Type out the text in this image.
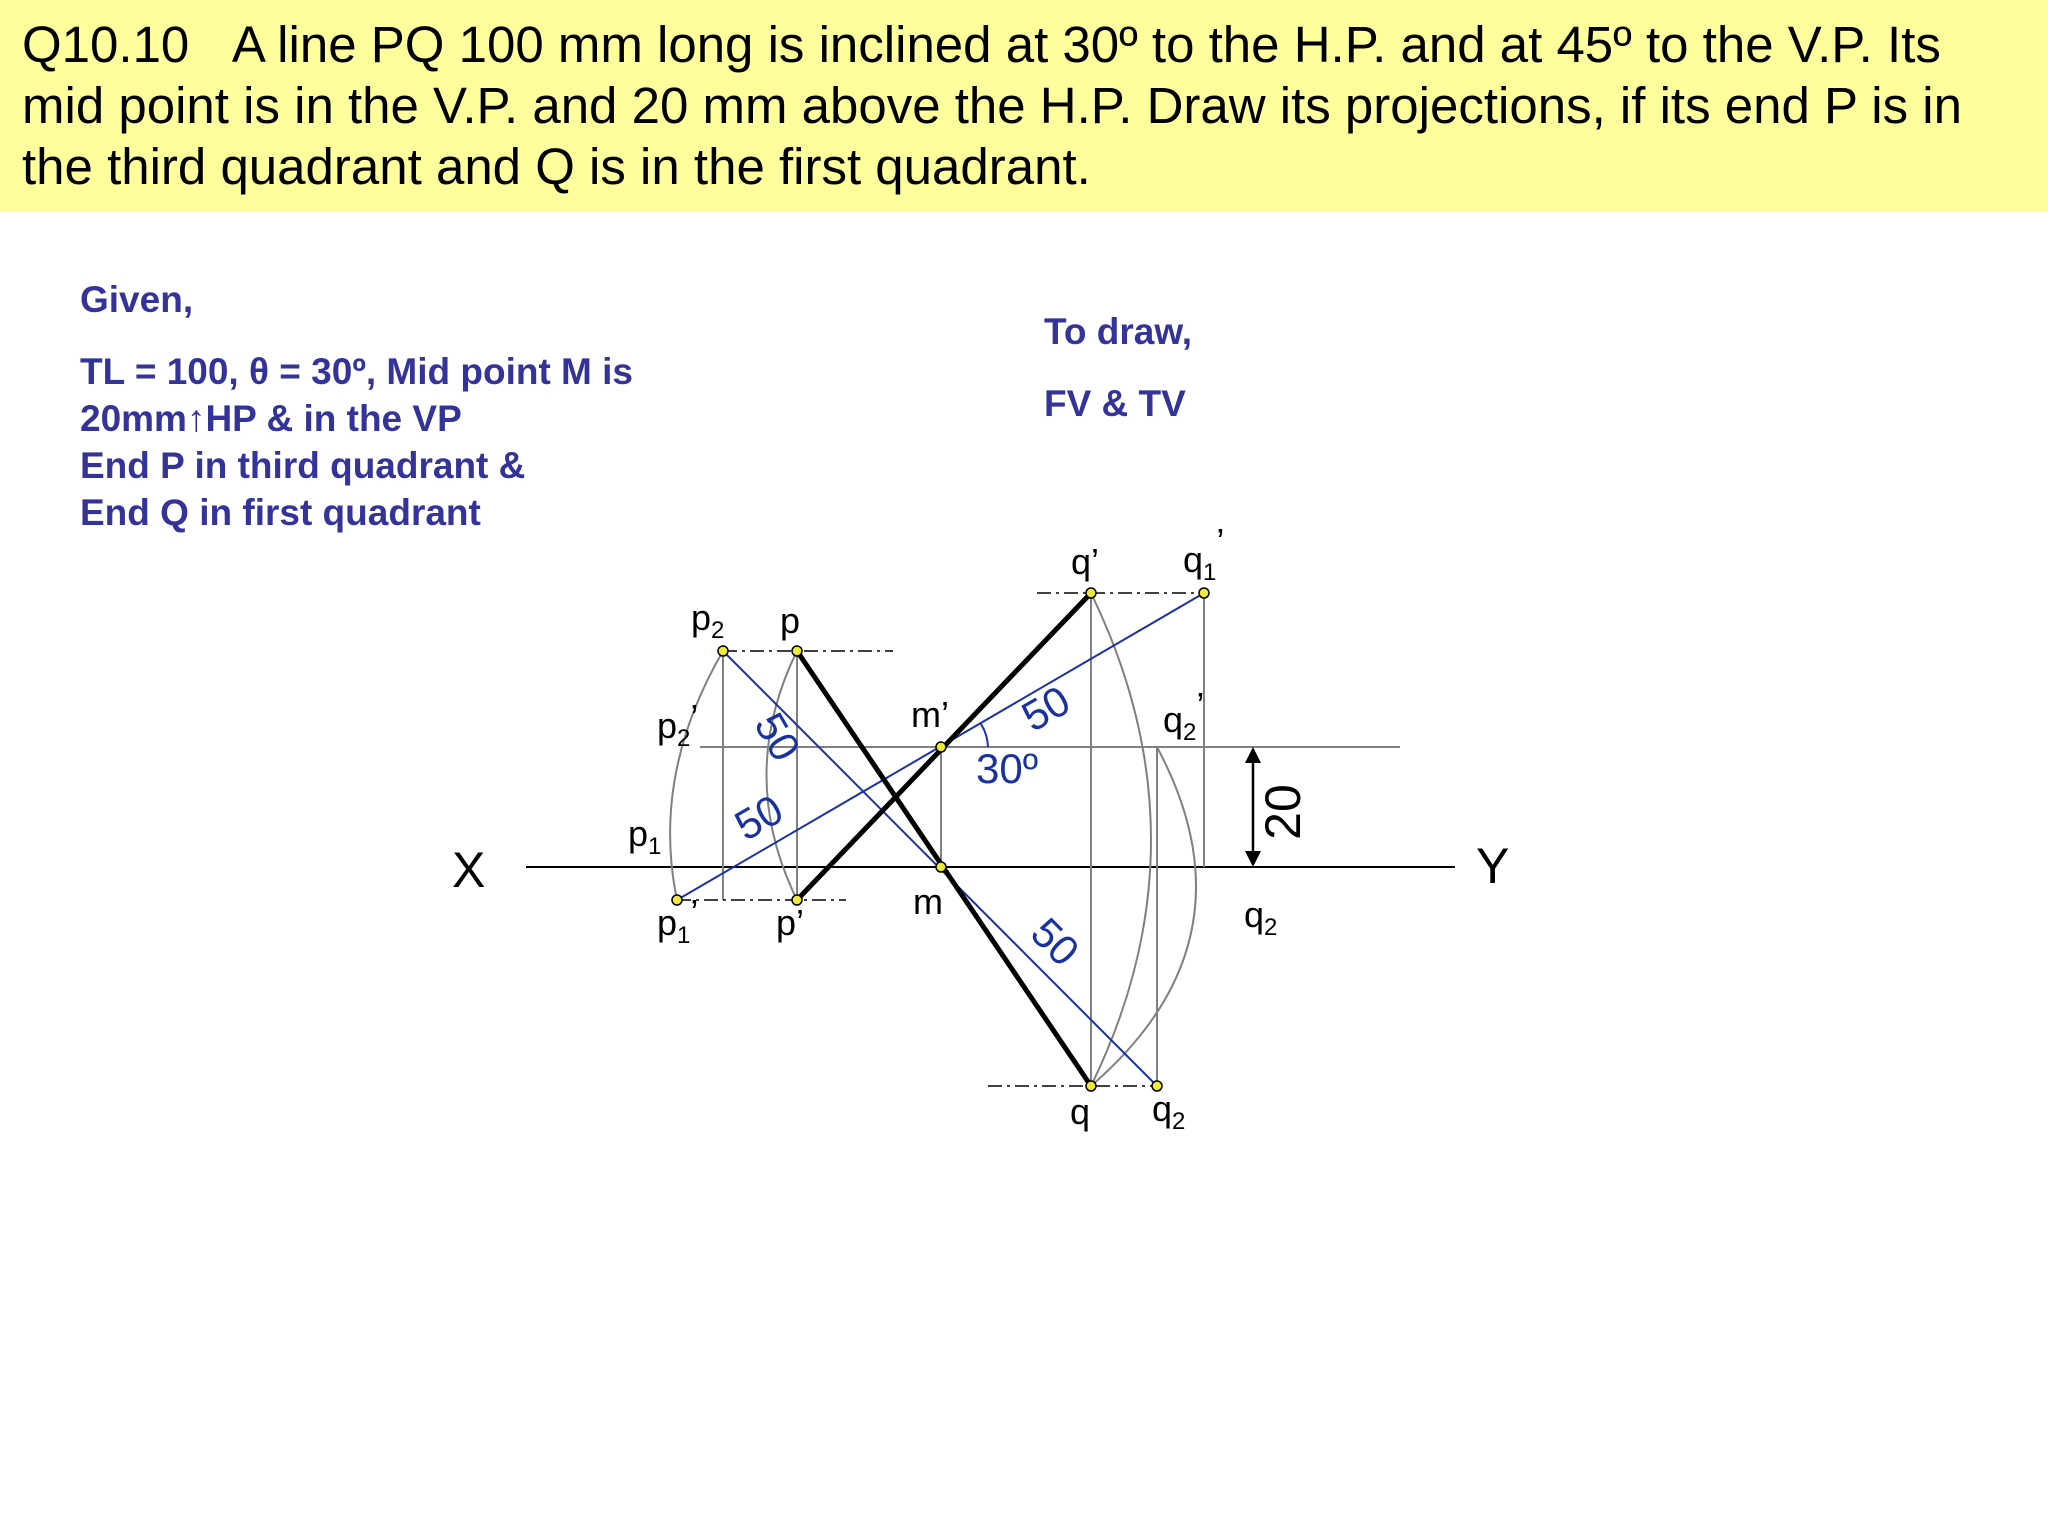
Q10.10 A line PQ 100 mm long is inclined at 30º to the H.P. and at 45º to the V.P. Its mid point is in the V.P. and 20 mm above the H.P. Draw its projections, if its end P is in the third quadrant and Q is in the first quadrant.

Given,
TL = 100, θ = 30º, Mid point M is
20mm↑HP & in the VP
End P in third quadrant &
End Q in first quadrant
To draw,
FV & TV
20
X	Y
$p_2$ p
$p_2$’
$p_1$
$p_1$’ p’
m’
m
q’ $q_1$’
$q_2$’
$q_2$
q $q_2$
50
50
50
50
30º
